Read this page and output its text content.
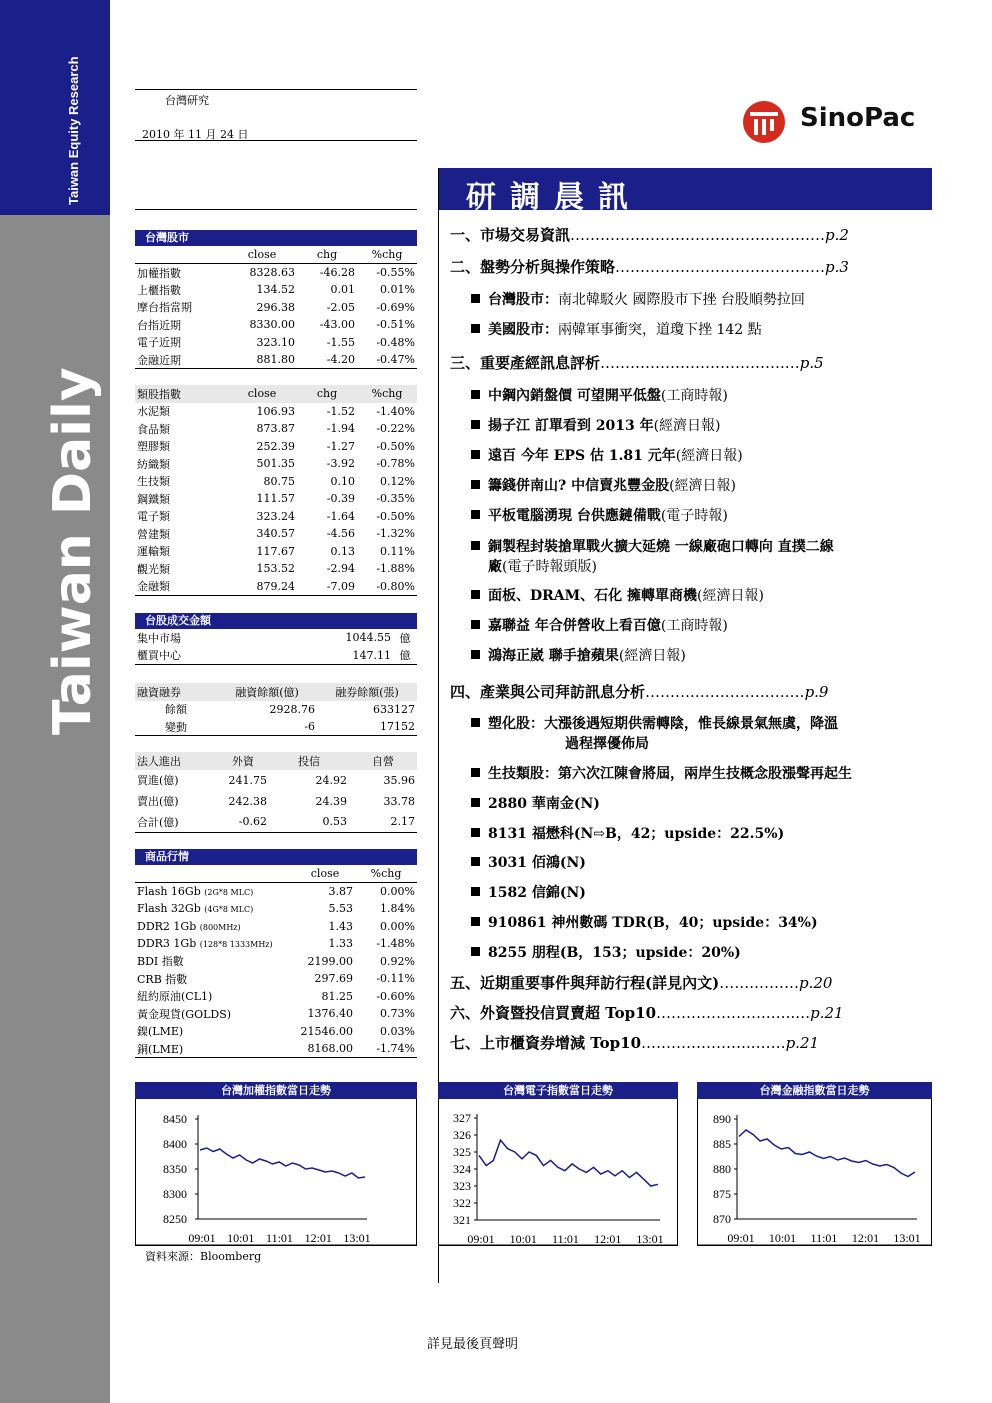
Taiwan Equity Research
Taiwan Daily
台灣研究
2010 年 11 月 24 日
SinoPac
研調晨訊
台灣股市
	close	chg	%chg
加權指數	8328.63	-46.28	-0.55%
上櫃指數	134.52	0.01	0.01%
摩台指當期	296.38	-2.05	-0.69%
台指近期	8330.00	-43.00	-0.51%
電子近期	323.10	-1.55	-0.48%
金融近期	881.80	-4.20	-0.47%
類股指數	close	chg	%chg
水泥類	106.93	-1.52	-1.40%
食品類	873.87	-1.94	-0.22%
塑膠類	252.39	-1.27	-0.50%
紡織類	501.35	-3.92	-0.78%
生技類	80.75	0.10	0.12%
鋼鐵類	111.57	-0.39	-0.35%
電子類	323.24	-1.64	-0.50%
營建類	340.57	-4.56	-1.32%
運輸類	117.67	0.13	0.11%
觀光類	153.52	-2.94	-1.88%
金融類	879.24	-7.09	-0.80%
台股成交金額
集中市場	1044.55	億
櫃買中心	147.11	億
融資融券	融資餘額(億)	融券餘額(張)
餘額	2928.76	633127
變動	-6	17152
法人進出	外資	投信	自營
買進(億)	241.75	24.92	35.96
賣出(億)	242.38	24.39	33.78
合計(億)	-0.62	0.53	2.17
商品行情
	close	%chg
Flash 16Gb (2G*8 MLC)	3.87	0.00%
Flash 32Gb (4G*8 MLC)	5.53	1.84%
DDR2 1Gb (800MHz)	1.43	0.00%
DDR3 1Gb (128*8 1333MHz)	1.33	-1.48%
BDI 指數	2199.00	0.92%
CRB 指數	297.69	-0.11%
紐約原油(CL1)	81.25	-0.60%
黃金現貨(GOLDS)	1376.40	0.73%
鎳(LME)	21546.00	0.03%
銅(LME)	8168.00	-1.74%
一、市場交易資訊……………………………………………p.2
二、盤勢分析與操作策略……………………………………p.3
台灣股市：南北韓駁火 國際股市下挫 台股順勢拉回
美國股市：兩韓軍事衝突，道瓊下挫 142 點
三、重要產經訊息評析……………………………….…p.5
中鋼內銷盤價 可望開平低盤(工商時報)
揚子江 訂單看到 2013 年(經濟日報)
遠百 今年 EPS 估 1.81 元年(經濟日報)
籌錢併南山? 中信賣兆豐金股(經濟日報)
平板電腦湧現 台供應鏈備戰(電子時報)
銅製程封裝搶單戰火擴大延燒 一線廠砲口轉向 直撲二線
廠(電子時報頭版)
面板、DRAM、石化 擁轉單商機(經濟日報)
嘉聯益 年合併營收上看百億(工商時報)
鴻海正崴 聯手搶蘋果(經濟日報)
四、產業與公司拜訪訊息分析……….……………….…p.9
塑化股：大漲後遇短期供需轉陰，惟長線景氣無虞，降溫
過程擇優佈局
生技類股：第六次江陳會將屆，兩岸生技概念股漲聲再起生
2880 華南金(N)
8131 福懋科(N⇨B，42；upside：22.5%)
3031 佰鴻(N)
1582 信錦(N)
910861 神州數碼 TDR(B，40；upside：34%)
8255 朋程(B，153；upside：20%)
五、近期重要事件與拜訪行程(詳見內文)…….………p.20
六、外資暨投信買賣超 Top10…………………..…..…p.21
七、上市櫃資券增減 Top10…………………..……p.21
台灣加權指數當日走勢
8250
8300
8350
8400
8450
09:01 10:01 11:01 12:01 13:01
台灣電子指數當日走勢
321
322
323
324
325
326
327
09:01 10:01 11:01 12:01 13:01
台灣金融指數當日走勢
870
875
880
885
890
09:01 10:01 11:01 12:01 13:01
資料來源：Bloomberg
詳見最後頁聲明
